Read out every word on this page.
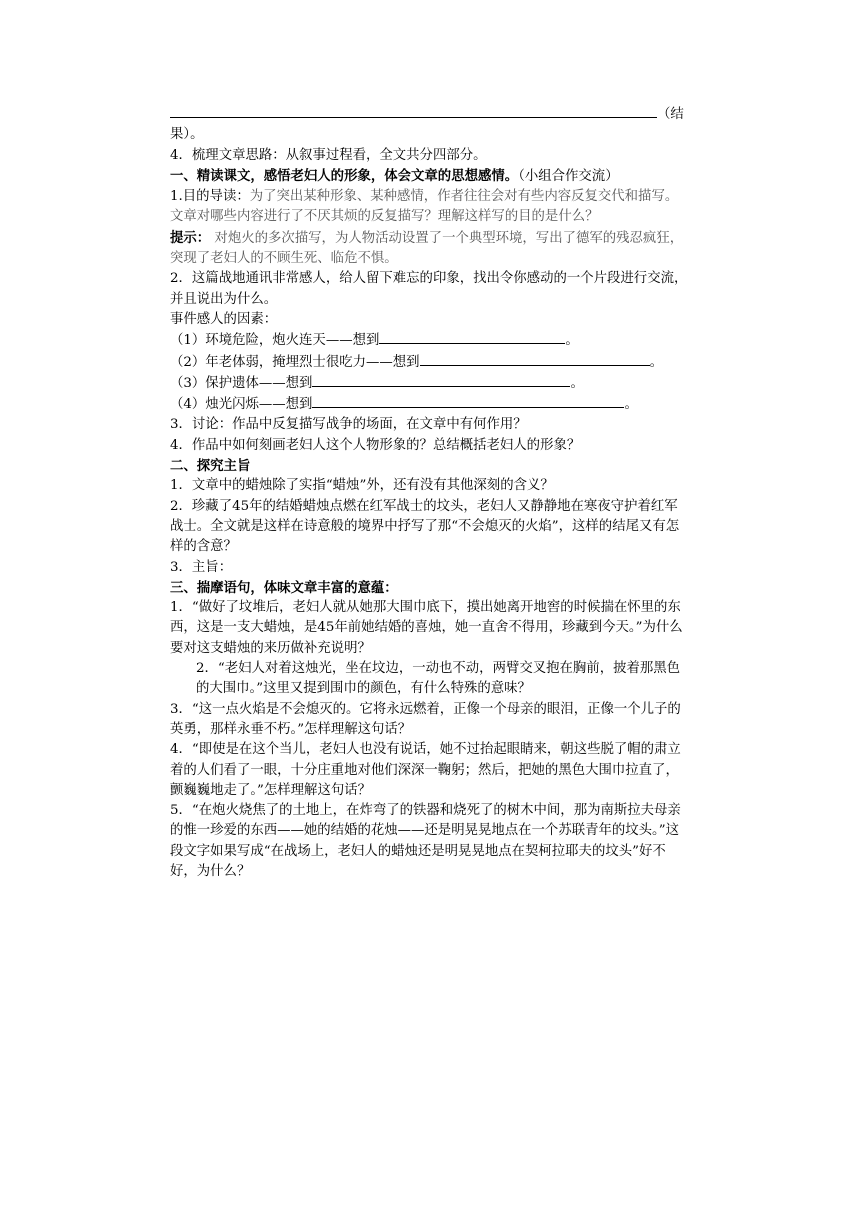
（结
果）。
4．梳理文章思路：从叙事过程看，全文共分四部分。
一、精读课文，感悟老妇人的形象，体会文章的思想感情。（小组合作交流）
1.目的导读：为了突出某种形象、某种感情，作者往往会对有些内容反复交代和描写。文章对哪些内容进行了不厌其烦的反复描写？理解这样写的目的是什么？
提示： 对炮火的多次描写，为人物活动设置了一个典型环境，写出了德军的残忍疯狂，突现了老妇人的不顾生死、临危不惧。
2．这篇战地通讯非常感人，给人留下难忘的印象，找出令你感动的一个片段进行交流，并且说出为什么。
事件感人的因素：
（1）环境危险，炮火连天——想到	。
（2）年老体弱，掩埋烈士很吃力——想到	。
（3）保护遗体——想到	。
（4）烛光闪烁——想到	。
3．讨论：作品中反复描写战争的场面，在文章中有何作用？
4．作品中如何刻画老妇人这个人物形象的？总结概括老妇人的形象？
二、探究主旨
1．文章中的蜡烛除了实指“蜡烛”外，还有没有其他深刻的含义？
2．珍藏了45年的结婚蜡烛点燃在红军战士的坟头，老妇人又静静地在寒夜守护着红军战士。全文就是这样在诗意般的境界中抒写了那“不会熄灭的火焰”，这样的结尾又有怎样的含意？
3．主旨：
三、揣摩语句，体味文章丰富的意蕴：
1．“做好了坟堆后，老妇人就从她那大围巾底下，摸出她离开地窖的时候揣在怀里的东西，这是一支大蜡烛，是45年前她结婚的喜烛，她一直舍不得用，珍藏到今天。”为什么要对这支蜡烛的来历做补充说明？
2．“老妇人对着这烛光，坐在坟边，一动也不动，两臂交叉抱在胸前，披着那黑色的大围巾。”这里又提到围巾的颜色，有什么特殊的意味？
3．“这一点火焰是不会熄灭的。它将永远燃着，正像一个母亲的眼泪，正像一个儿子的英勇，那样永垂不朽。”怎样理解这句话？
4．“即使是在这个当儿，老妇人也没有说话，她不过抬起眼睛来，朝这些脱了帽的肃立着的人们看了一眼，十分庄重地对他们深深一鞠躬；然后，把她的黑色大围巾拉直了，颤巍巍地走了。”怎样理解这句话？
5．“在炮火烧焦了的土地上，在炸弯了的铁器和烧死了的树木中间，那为南斯拉夫母亲的惟一珍爱的东西——她的结婚的花烛——还是明晃晃地点在一个苏联青年的坟头。”这段文字如果写成“在战场上，老妇人的蜡烛还是明晃晃地点在契柯拉耶夫的坟头”好不好，为什么？
